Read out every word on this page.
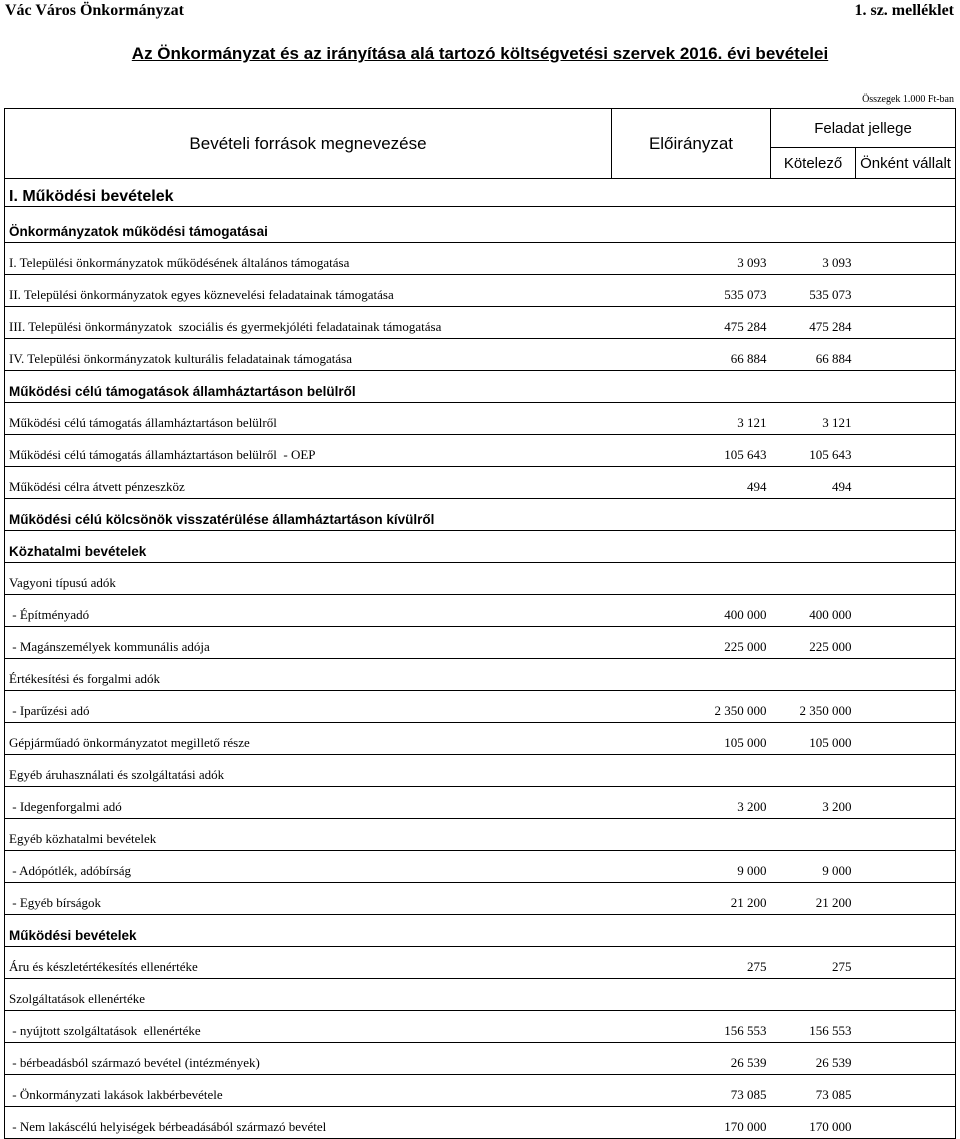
Vác Város Önkormányzat	1. sz. melléklet
Az Önkormányzat és az irányítása alá tartozó költségvetési szervek 2016. évi bevételei
Összegek 1.000 Ft-ban
Bevételi források megnevezése	Előirányzat	Feladat jellege	
		Kötelező	Önként vállalt
I. Működési bevételek			
Önkormányzatok működési támogatásai			
I. Települési önkormányzatok működésének általános támogatása	3 093	3 093	
II. Települési önkormányzatok egyes köznevelési feladatainak támogatása	535 073	535 073	
III. Települési önkormányzatok  szociális és gyermekjóléti feladatainak támogatása	475 284	475 284	
IV. Települési önkormányzatok kulturális feladatainak támogatása	66 884	66 884	
Működési célú támogatások államháztartáson belülről			
Működési célú támogatás államháztartáson belülről	3 121	3 121	
Működési célú támogatás államháztartáson belülről  - OEP	105 643	105 643	
Működési célra átvett pénzeszköz	494	494	
Működési célú kölcsönök visszatérülése államháztartáson kívülről			
Közhatalmi bevételek			
Vagyoni típusú adók			
- Építményadó	400 000	400 000	
- Magánszemélyek kommunális adója	225 000	225 000	
Értékesítési és forgalmi adók			
- Iparűzési adó	2 350 000	2 350 000	
Gépjárműadó önkormányzatot megillető része	105 000	105 000	
Egyéb áruhasználati és szolgáltatási adók			
- Idegenforgalmi adó	3 200	3 200	
Egyéb közhatalmi bevételek			
- Adópótlék, adóbírság	9 000	9 000	
- Egyéb bírságok	21 200	21 200	
Működési bevételek			
Áru és készletértékesítés ellenértéke	275	275	
Szolgáltatások ellenértéke			
- nyújtott szolgáltatások  ellenértéke	156 553	156 553	
- bérbeadásból származó bevétel (intézmények)	26 539	26 539	
- Önkormányzati lakások lakbérbevétele	73 085	73 085	
- Nem lakáscélú helyiségek bérbeadásából származó bevétel	170 000	170 000	
